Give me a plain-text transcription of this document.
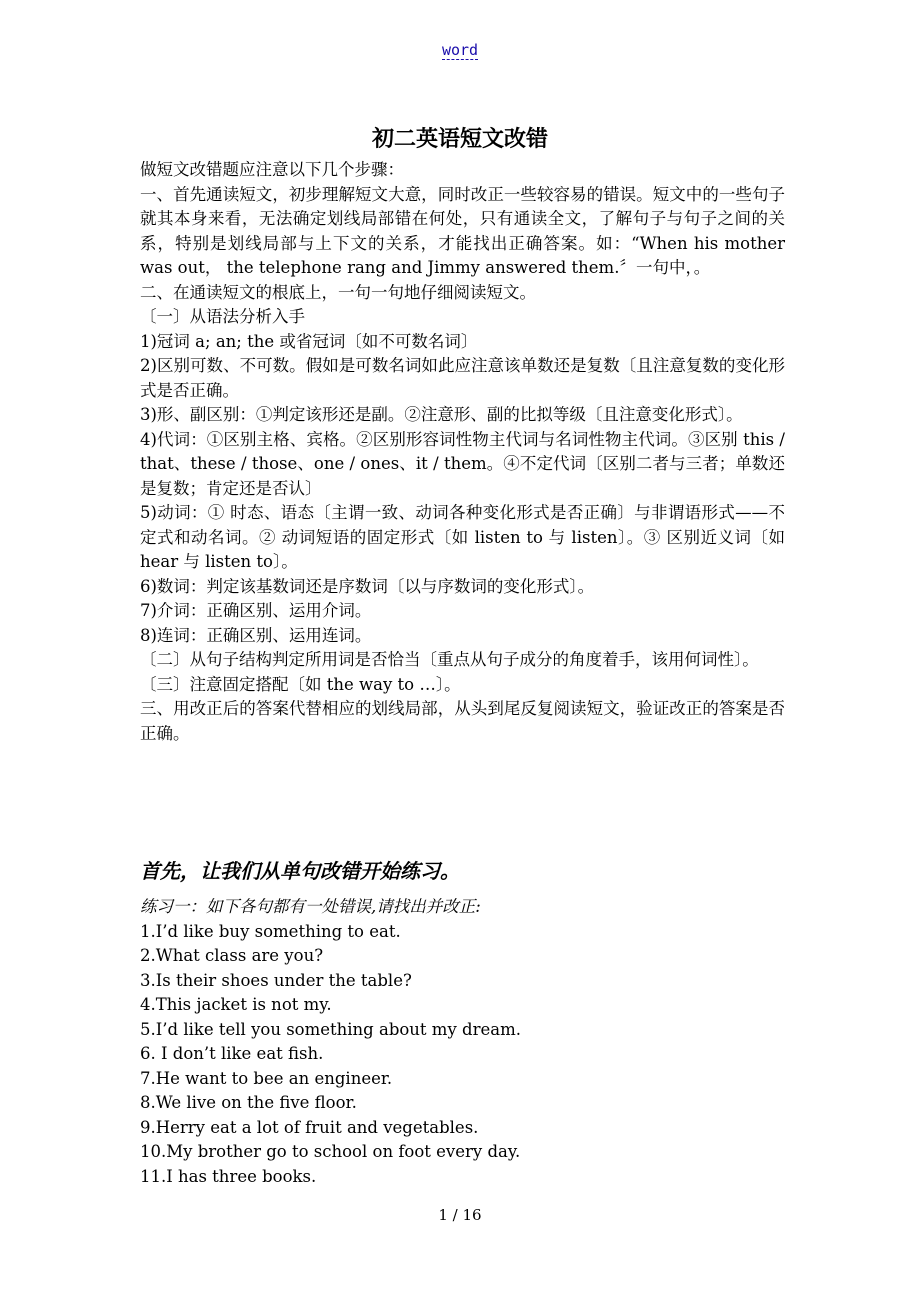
word
初二英语短文改错

做短文改错题应注意以下几个步骤：

一、首先通读短文，初步理解短文大意，同时改正一些较容易的错误。短文中的一些句子就其本身来看，无法确定划线局部错在何处，只有通读全文，了解句子与句子之间的关系，特别是划线局部与上下文的关系，才能找出正确答案。如：“When his mother was out， the telephone rang and Jimmy answered them.〞一句中，。

二、在通读短文的根底上，一句一句地仔细阅读短文。

〔一〕从语法分析入手

1)冠词 a; an; the 或省冠词〔如不可数名词〕

2)区别可数、不可数。假如是可数名词如此应注意该单数还是复数〔且注意复数的变化形式是否正确。

3)形、副区别：①判定该形还是副。②注意形、副的比拟等级〔且注意变化形式〕。

4)代词：①区别主格、宾格。②区别形容词性物主代词与名词性物主代词。③区别 this / that、these / those、one / ones、it / them。④不定代词〔区别二者与三者；单数还是复数；肯定还是否认〕

5)动词：① 时态、语态〔主谓一致、动词各种变化形式是否正确〕与非谓语形式——不定式和动名词。② 动词短语的固定形式〔如 listen to 与 listen〕。③ 区别近义词〔如 hear 与 listen to〕。

6)数词：判定该基数词还是序数词〔以与序数词的变化形式〕。

7)介词：正确区别、运用介词。

8)连词：正确区别、运用连词。

〔二〕从句子结构判定所用词是否恰当〔重点从句子成分的角度着手，该用何词性〕。

〔三〕注意固定搭配〔如 the way to …〕。

三、用改正后的答案代替相应的划线局部，从头到尾反复阅读短文，验证改正的答案是否正确。

首先，让我们从单句改错开始练习。

练习一：如下各句都有一处错误,请找出并改正:

1.I’d like buy something to eat.

2.What class are you?

3.Is their shoes under the table?

4.This jacket is not my.

5.I’d like tell you something about my dream.

6. I don’t like eat fish.

7.He want to bee an engineer.

8.We live on the five floor.

9.Herry eat a lot of fruit and vegetables.

10.My brother go to school on foot every day.

11.I has three books.

1 / 16
